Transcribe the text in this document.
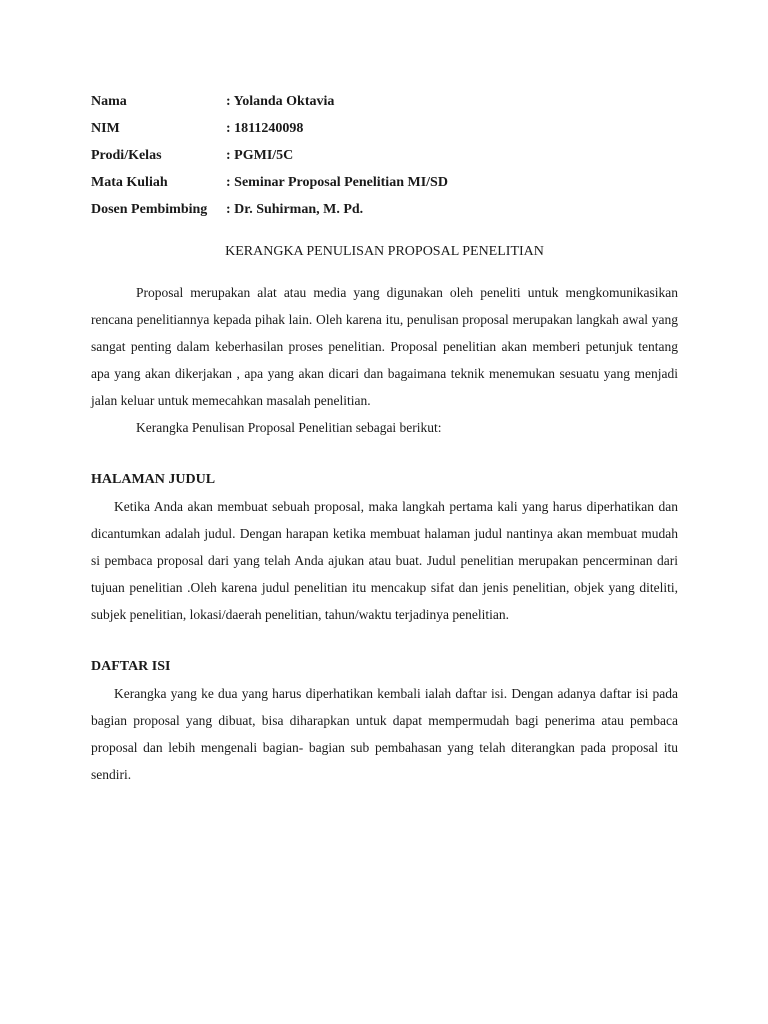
Nama	: Yolanda Oktavia
NIM	: 1811240098
Prodi/Kelas	: PGMI/5C
Mata Kuliah	: Seminar Proposal Penelitian MI/SD
Dosen Pembimbing	: Dr. Suhirman, M. Pd.
KERANGKA PENULISAN PROPOSAL PENELITIAN

Proposal merupakan alat atau media yang digunakan oleh peneliti untuk mengkomunikasikan rencana penelitiannya kepada pihak lain. Oleh karena itu, penulisan proposal merupakan langkah awal yang sangat penting dalam keberhasilan proses penelitian. Proposal penelitian akan memberi petunjuk tentang apa yang akan dikerjakan , apa yang akan dicari dan bagaimana teknik menemukan sesuatu yang menjadi jalan keluar untuk memecahkan masalah penelitian.

Kerangka Penulisan Proposal Penelitian sebagai berikut:

HALAMAN JUDUL

Ketika Anda akan membuat sebuah proposal, maka langkah pertama kali yang harus diperhatikan dan dicantumkan adalah judul. Dengan harapan ketika membuat halaman judul nantinya akan membuat mudah si pembaca proposal dari yang telah Anda ajukan atau buat. Judul penelitian merupakan pencerminan dari tujuan penelitian .Oleh karena judul penelitian itu mencakup sifat dan jenis penelitian, objek yang diteliti, subjek penelitian, lokasi/daerah penelitian, tahun/waktu terjadinya penelitian.

DAFTAR ISI

Kerangka yang ke dua yang harus diperhatikan kembali ialah daftar isi. Dengan adanya daftar isi pada bagian proposal yang dibuat, bisa diharapkan untuk dapat mempermudah bagi penerima atau pembaca proposal dan lebih mengenali bagian- bagian sub pembahasan yang telah diterangkan pada proposal itu sendiri.
